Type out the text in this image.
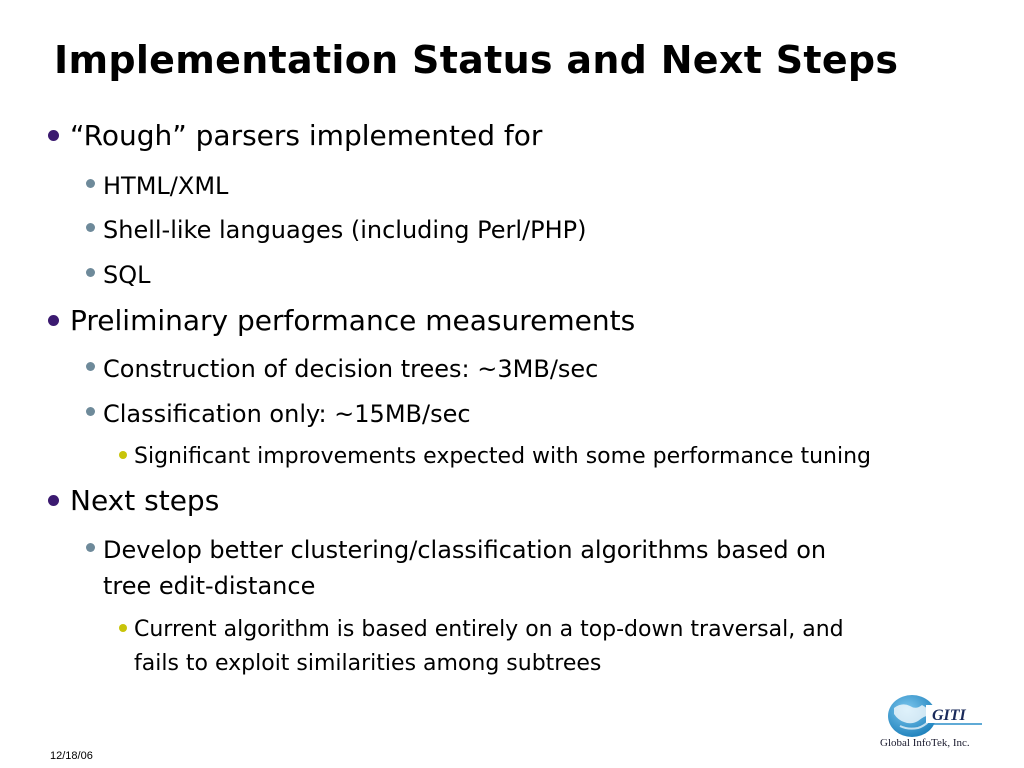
Implementation Status and Next Steps
“Rough” parsers implemented for
HTML/XML
Shell-like languages (including Perl/PHP)
SQL
Preliminary performance measurements
Construction of decision trees: ~3MB/sec
Classification only: ~15MB/sec
Significant improvements expected with some performance tuning
Next steps
Develop better clustering/classification algorithms based on
tree edit-distance
Current algorithm is based entirely on a top-down traversal, and
fails to exploit similarities among subtrees
12/18/06
GITI
Global InfoTek, Inc.
